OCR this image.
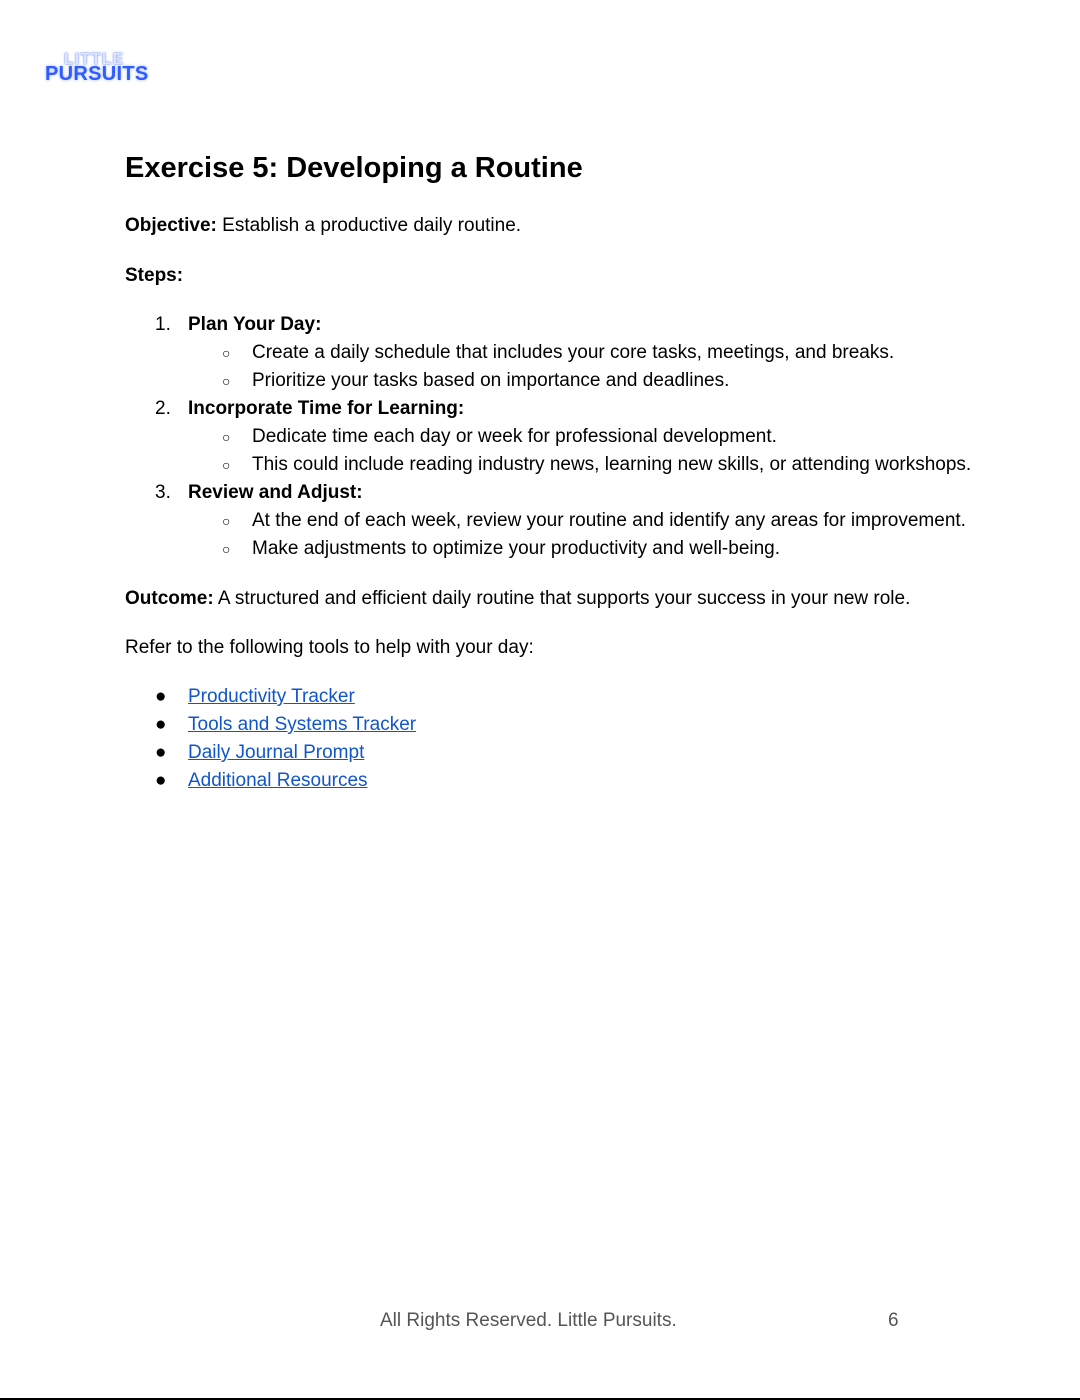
LITTLE
PURSUITS
Exercise 5: Developing a Routine

Objective: Establish a productive daily routine.

Steps:

1. Plan Your Day:
○ Create a daily schedule that includes your core tasks, meetings, and breaks.
○ Prioritize your tasks based on importance and deadlines.
2. Incorporate Time for Learning:
○ Dedicate time each day or week for professional development.
○ This could include reading industry news, learning new skills, or attending workshops.
3. Review and Adjust:
○ At the end of each week, review your routine and identify any areas for improvement.
○ Make adjustments to optimize your productivity and well-being.

Outcome: A structured and efficient daily routine that supports your success in your new role.

Refer to the following tools to help with your day:

● Productivity Tracker
● Tools and Systems Tracker
● Daily Journal Prompt
● Additional Resources
All Rights Reserved. Little Pursuits.	6
